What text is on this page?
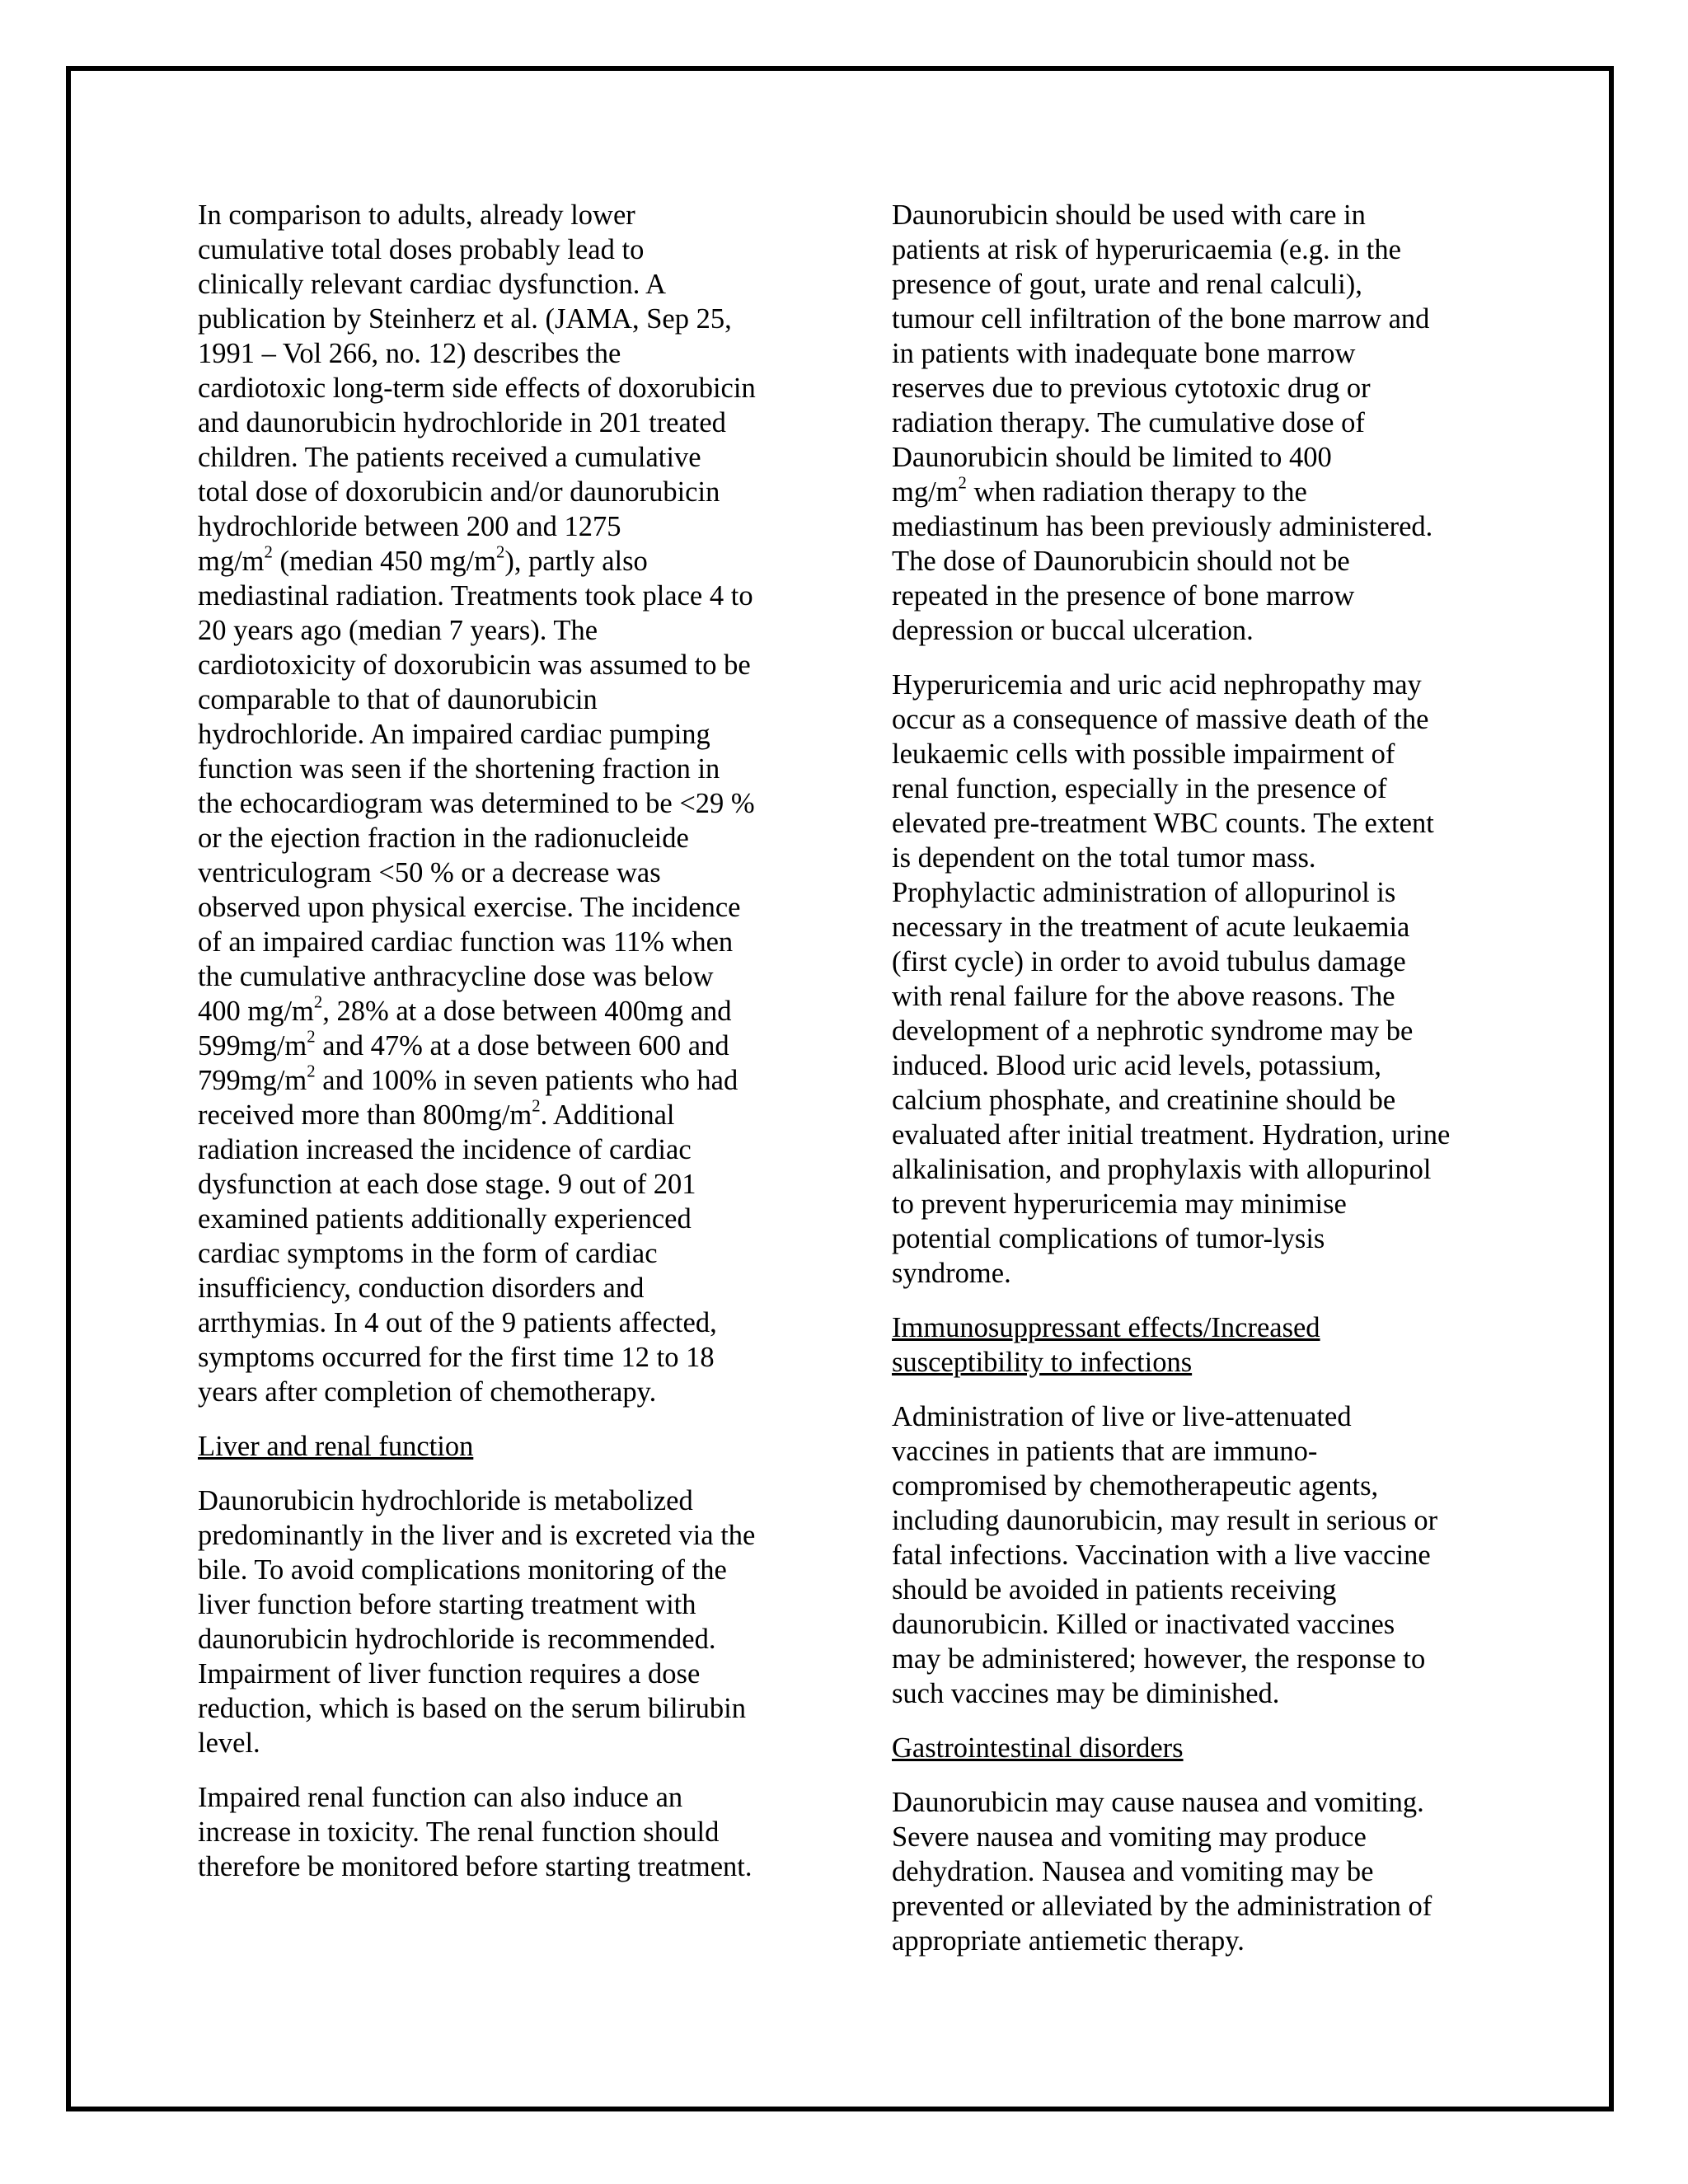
In comparison to adults, already lower
cumulative total doses probably lead to
clinically relevant cardiac dysfunction. A
publication by Steinherz et al. (JAMA, Sep 25,
1991 – Vol 266, no. 12) describes the
cardiotoxic long-term side effects of doxorubicin
and daunorubicin hydrochloride in 201 treated
children. The patients received a cumulative
total dose of doxorubicin and/or daunorubicin
hydrochloride between 200 and 1275
$mg/m^2$ (median 450 $mg/m^2$), partly also
mediastinal radiation. Treatments took place 4 to
20 years ago (median 7 years). The
cardiotoxicity of doxorubicin was assumed to be
comparable to that of daunorubicin
hydrochloride. An impaired cardiac pumping
function was seen if the shortening fraction in
the echocardiogram was determined to be <29 %
or the ejection fraction in the radionucleide
ventriculogram <50 % or a decrease was
observed upon physical exercise. The incidence
of an impaired cardiac function was 11% when
the cumulative anthracycline dose was below
400 $mg/m^2$, 28% at a dose between 400mg and
$599mg/m^2$ and 47% at a dose between 600 and
$799mg/m^2$ and 100% in seven patients who had
received more than $800mg/m^2$. Additional
radiation increased the incidence of cardiac
dysfunction at each dose stage. 9 out of 201
examined patients additionally experienced
cardiac symptoms in the form of cardiac
insufficiency, conduction disorders and
arrthymias. In 4 out of the 9 patients affected,
symptoms occurred for the first time 12 to 18
years after completion of chemotherapy.

Liver and renal function

Daunorubicin hydrochloride is metabolized
predominantly in the liver and is excreted via the
bile. To avoid complications monitoring of the
liver function before starting treatment with
daunorubicin hydrochloride is recommended.
Impairment of liver function requires a dose
reduction, which is based on the serum bilirubin
level.

Impaired renal function can also induce an
increase in toxicity. The renal function should
therefore be monitored before starting treatment.

Daunorubicin should be used with care in
patients at risk of hyperuricaemia (e.g. in the
presence of gout, urate and renal calculi),
tumour cell infiltration of the bone marrow and
in patients with inadequate bone marrow
reserves due to previous cytotoxic drug or
radiation therapy. The cumulative dose of
Daunorubicin should be limited to 400
$mg/m^2$ when radiation therapy to the
mediastinum has been previously administered.
The dose of Daunorubicin should not be
repeated in the presence of bone marrow
depression or buccal ulceration.

Hyperuricemia and uric acid nephropathy may
occur as a consequence of massive death of the
leukaemic cells with possible impairment of
renal function, especially in the presence of
elevated pre-treatment WBC counts. The extent
is dependent on the total tumor mass.
Prophylactic administration of allopurinol is
necessary in the treatment of acute leukaemia
(first cycle) in order to avoid tubulus damage
with renal failure for the above reasons. The
development of a nephrotic syndrome may be
induced. Blood uric acid levels, potassium,
calcium phosphate, and creatinine should be
evaluated after initial treatment. Hydration, urine
alkalinisation, and prophylaxis with allopurinol
to prevent hyperuricemia may minimise
potential complications of tumor-lysis
syndrome.

Immunosuppressant effects/Increased
susceptibility to infections

Administration of live or live-attenuated
vaccines in patients that are immuno-
compromised by chemotherapeutic agents,
including daunorubicin, may result in serious or
fatal infections. Vaccination with a live vaccine
should be avoided in patients receiving
daunorubicin. Killed or inactivated vaccines
may be administered; however, the response to
such vaccines may be diminished.

Gastrointestinal disorders

Daunorubicin may cause nausea and vomiting.
Severe nausea and vomiting may produce
dehydration. Nausea and vomiting may be
prevented or alleviated by the administration of
appropriate antiemetic therapy.
